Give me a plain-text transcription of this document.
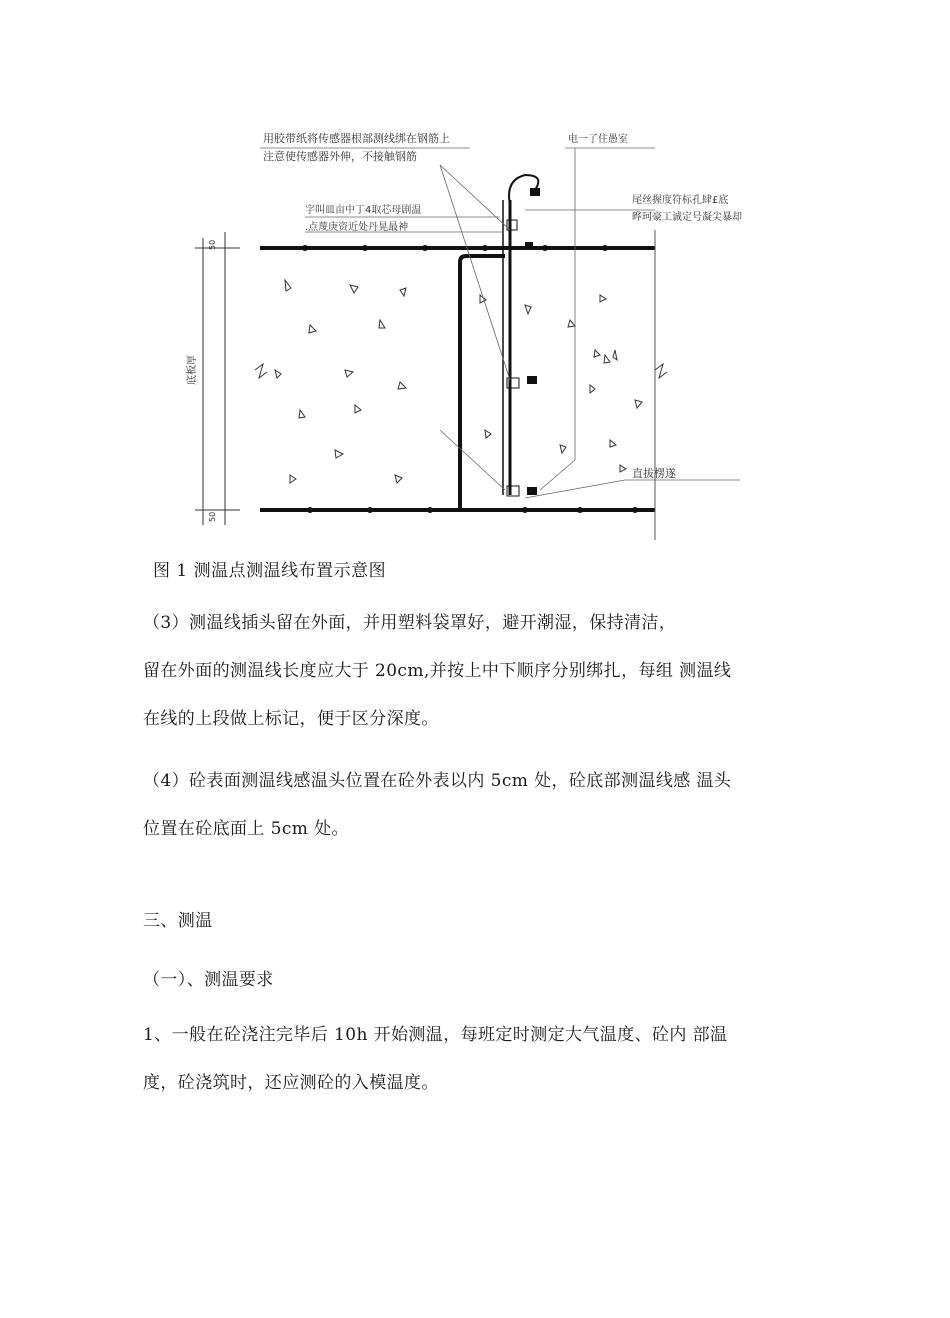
用胶带纸将传感器根部测线绑在钢筋上
注意使传感器外伸，不接触钢筋
电一了住愚室
字叫皿亩中丁4取芯母剧温
.点蔑庚资近处丹晃最神
尾丝握度符标孔肆£底
晔珂豪工诚定号凝尖暴却
直拔楞遂
底板厚
50
50
图 1 测温点测温线布置示意图
（3）测温线插头留在外面，并用塑料袋罩好，避开潮湿，保持清洁，
留在外面的测温线长度应大于 20cm,并按上中下顺序分别绑扎，每组 测温线
在线的上段做上标记，便于区分深度。
（4）砼表面测温线感温头位置在砼外表以内 5cm 处，砼底部测温线感 温头
位置在砼底面上 5cm 处。
三、测温
（一）、测温要求
1、一般在砼浇注完毕后 10h 开始测温，每班定时测定大气温度、砼内 部温
度，砼浇筑时，还应测砼的入模温度。
